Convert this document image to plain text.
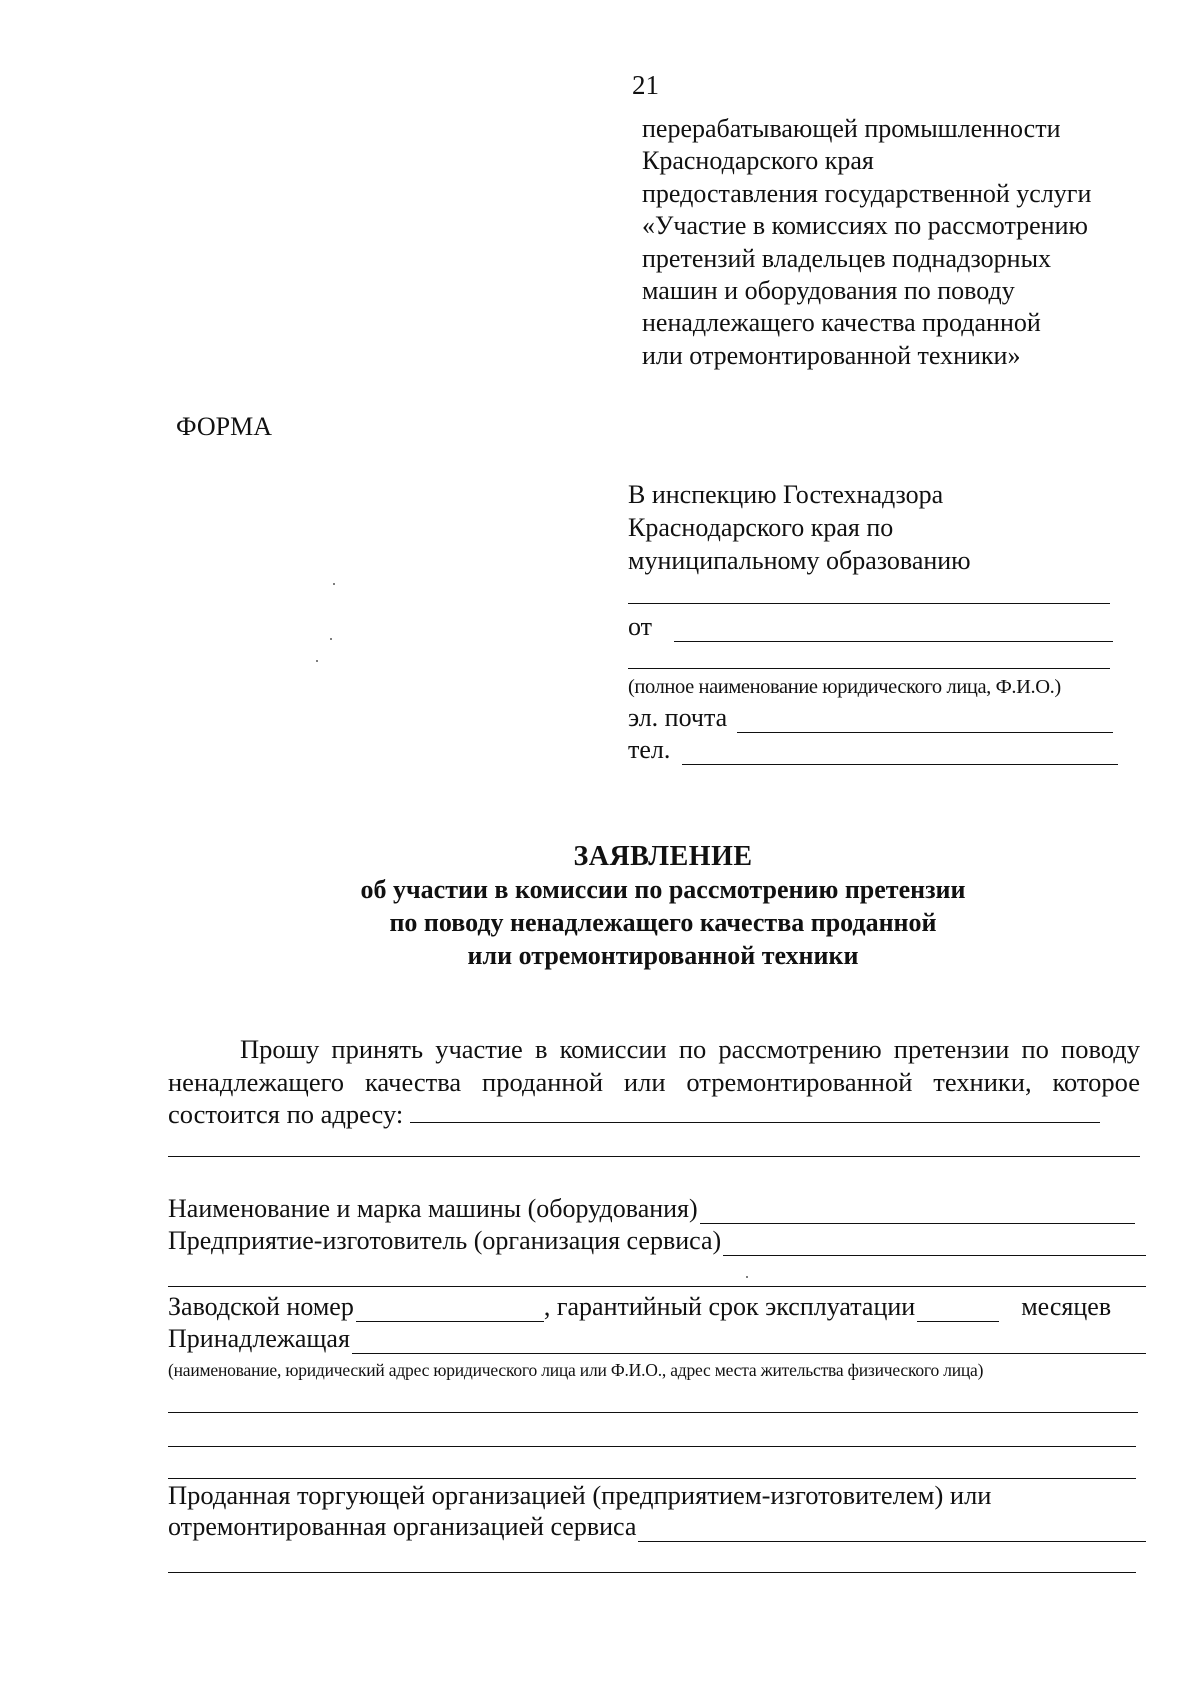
21
перерабатывающей промышленности
Краснодарского края
предоставления государственной услуги
«Участие в комиссиях по рассмотрению
претензий владельцев поднадзорных
машин и оборудования по поводу
ненадлежащего качества проданной
или отремонтированной техники»
ФОРМА
В инспекцию Гостехнадзора
Краснодарского края по
муниципальному образованию
от
(полное наименование юридического лица, Ф.И.О.)
эл. почта
тел.
ЗАЯВЛЕНИЕ
об участии в комиссии по рассмотрению претензии
по поводу ненадлежащего качества проданной
или отремонтированной техники
Прошу принять участие в комиссии по рассмотрению претензии по поводу ненадлежащего качества проданной или отремонтированной техники, которое состоится по адресу:
Наименование и марка машины (оборудования)
Предприятие-изготовитель (организация сервиса)
Заводской номер	, гарантийный срок эксплуатации	месяцев
Принадлежащая
(наименование, юридический адрес юридического лица или Ф.И.О., адрес места жительства физического лица)
Проданная торгующей организацией (предприятием-изготовителем) или
отремонтированная организацией сервиса
